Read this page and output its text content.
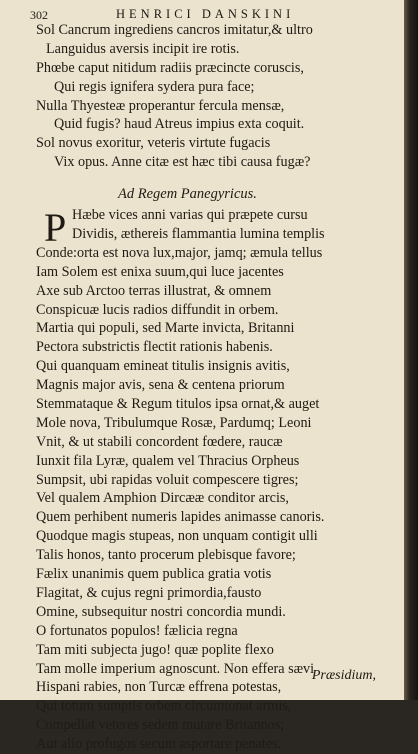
302	HENRICI DANSKINI
Sol Cancrum ingrediens cancros imitatur,& ultro
Languidus aversis incipit ire rotis.
Phœbe caput nitidum radiis præcincte coruscis,
Qui regis ignifera sydera pura face;
Nulla Thyesteæ properantur fercula mensæ,
Quid fugis? haud Atreus impius exta coquit.
Sol novus exoritur, veteris virtute fugacis
Vix opus. Anne citæ est hæc tibi causa fugæ?
Ad Regem Panegyricus.
P Hæbe vices anni varias qui præpete cursu
Dividis, æthereis flammantia lumina templis
Conde:orta est nova lux,major, jamq; æmula tellus
Iam Solem est enixa suum,qui luce jacentes
Axe sub Arctoo terras illustrat, & omnem
Conspicuæ lucis radios diffundit in orbem.
Martia qui populi, sed Marte invicta, Britanni
Pectora substrictis flectit rationis habenis.
Qui quanquam emineat titulis insignis avitis,
Magnis major avis, sena & centena priorum
Stemmataque & Regum titulos ipsa ornat,& auget
Mole nova, Tribulumque Rosæ, Pardumq; Leoni
Vnit, & ut stabili concordent fœdere, raucæ
Iunxit fila Lyræ, qualem vel Thracius Orpheus
Sumpsit, ubi rapidas voluit compescere tigres;
Vel qualem Amphion Dircææ conditor arcis,
Quem perhibent numeris lapides animasse canoris.
Quodque magis stupeas, non unquam contigit ulli
Talis honos, tanto procerum plebisque favore;
Fælix unanimis quem publica gratia votis
Flagitat, & cujus regni primordia,fausto
Omine, subsequitur nostri concordia mundi.
O fortunatos populos! fælicia regna
Tam miti subjecta jugo! quæ poplite flexo
Tam molle imperium agnoscunt. Non effera sævi
Hispani rabies, non Turcæ effrena potestas,
Qui totum sumptis orbem circumtonat armis,
Compellat veteres sedem mutare Britannos;
Aut alio profugos secum asportare penates.
Præsidium,
